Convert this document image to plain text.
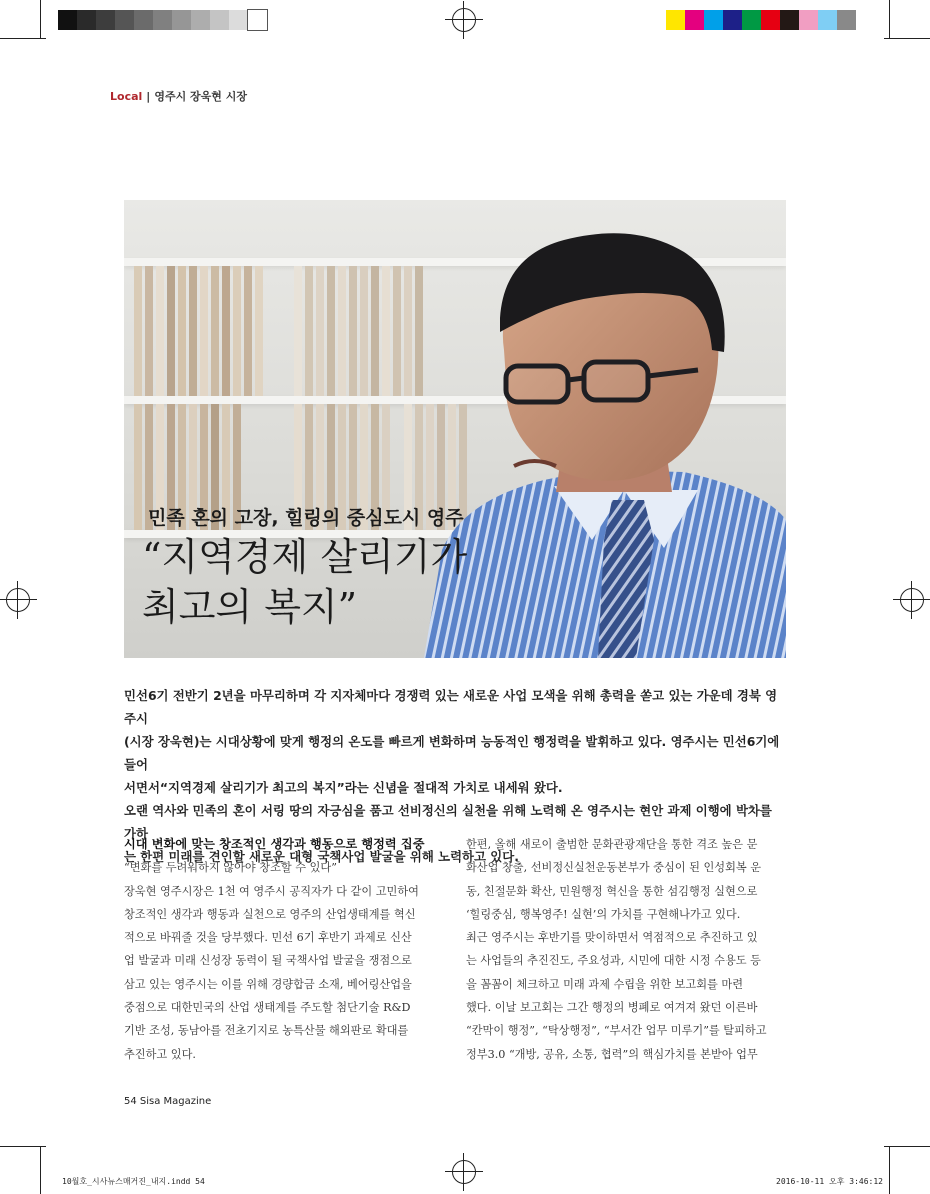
Local | 영주시 장욱현 시장
민족 혼의 고장, 힐링의 중심도시 영주
“지역경제 살리기가
최고의 복지”

민선6기 전반기 2년을 마무리하며 각 지자체마다 경쟁력 있는 새로운 사업 모색을 위해 총력을 쏟고 있는 가운데 경북 영주시

(시장 장욱현)는 시대상황에 맞게 행정의 온도를 빠르게 변화하며 능동적인 행정력을 발휘하고 있다. 영주시는 민선6기에 들어

서면서“지역경제 살리기가 최고의 복지”라는 신념을 절대적 가치로 내세워 왔다.

오랜 역사와 민족의 혼이 서링 땅의 자긍심을 품고 선비정신의 실천을 위해 노력해 온 영주시는 현안 과제 이행에 박차를 가하

는 한편 미래를 견인할 새로운 대형 국책사업 발굴을 위해 노력하고 있다.

시대 변화에 맞는 창조적인 생각과 행동으로 행정력 집중

“변화를 두려워하지 않아야 창조할 수 있다”

장욱현 영주시장은 1천 여 영주시 공직자가 다 같이 고민하여

창조적인 생각과 행동과 실천으로 영주의 산업생태계를 혁신

적으로 바꿔줄 것을 당부했다. 민선 6기 후반기 과제로 신산

업 발굴과 미래 신성장 동력이 될 국책사업 발굴을 쟁점으로

삼고 있는 영주시는 이를 위해 경량합금 소재, 베어링산업을

중점으로 대한민국의 산업 생태계를 주도할 첨단기술 R&D

기반 조성, 동남아를 전초기지로 농특산물 해외판로 확대를

추진하고 있다.

한편, 올해 새로이 출범한 문화관광재단을 통한 격조 높은 문

화산업 창출, 선비정신실천운동본부가 중심이 된 인성회복 운

동, 친절문화 확산, 민원행정 혁신을 통한 섬김행정 실현으로

‘힐링중심, 행복영주! 실현’의 가치를 구현해나가고 있다.

최근 영주시는 후반기를 맞이하면서 역점적으로 추진하고 있

는 사업들의 추진진도, 주요성과, 시민에 대한 시정 수용도 등

을 꼼꼼이 체크하고 미래 과제 수립을 위한 보고회를 마련

했다. 이날 보고회는 그간 행정의 병폐로 여겨져 왔던 이른바

“칸막이 행정”, “탁상행정”, “부서간 업무 미루기”를 탈피하고

정부3.0 “개방, 공유, 소통, 협력”의 핵심가치를 본받아 업무

54 Sisa Magazine
10월호_시사뉴스매거진_내지.indd 54	2016-10-11 오후 3:46:12
